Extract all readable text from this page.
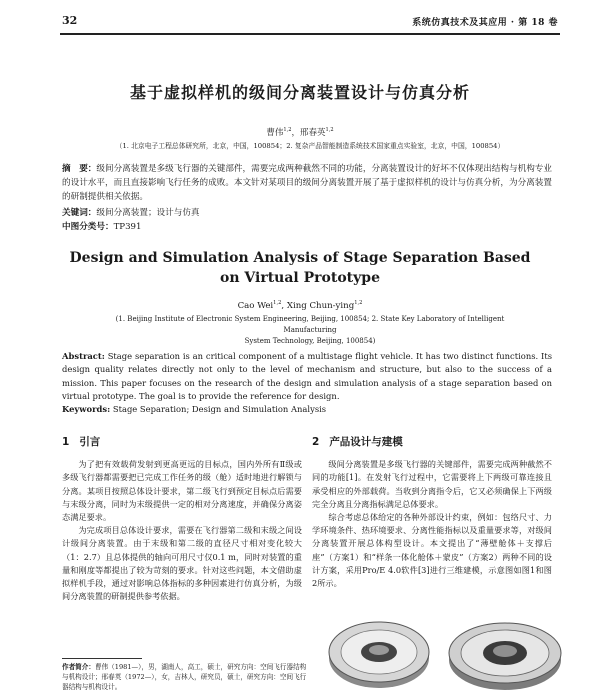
32	系统仿真技术及其应用 · 第 18 卷
基于虚拟样机的级间分离装置设计与仿真分析
曹伟$^{1,2}$，邢春英$^{1,2}$
（1. 北京电子工程总体研究所，北京，中国，100854；2. 复杂产品智能制造系统技术国家重点实验室，北京，中国，100854）
摘　要：级间分离装置是多级飞行器的关键部件，需要完成两种截然不同的功能，分离装置设计的好坏不仅体现出结构与机构专业的设计水平，而且直接影响飞行任务的成败。本文针对某项目的级间分离装置开展了基于虚拟样机的设计与仿真分析，为分离装置的研制提供相关依据。
关键词：级间分离装置；设计与仿真
中图分类号：TP391
Design and Simulation Analysis of Stage Separation Based
on Virtual Prototype
Cao Wei$^{1,2}$, Xing Chun-ying$^{1,2}$
(1. Beijing Institute of Electronic System Engineering, Beijing, 100854; 2. State Key Laboratory of Intelligent Manufacturing
System Technology, Beijing, 100854)
Abstract: Stage separation is an critical component of a multistage flight vehicle. It has two distinct functions. Its design quality relates directly not only to the level of mechanism and structure, but also to the success of a mission. This paper focuses on the research of the design and simulation analysis of a stage separation based on virtual prototype. The goal is to provide the reference for design.
Keywords: Stage Separation; Design and Simulation Analysis
1 引言

为了把有效载荷发射到更高更远的目标点，国内外所有Ⅱ级或多级飞行器都需要把已完成工作任务的级（舱）适时地进行解锁与分离。某项目按照总体设计要求，第二级飞行到预定目标点后需要与末级分离，同时为末级提供一定的相对分离速度，并确保分离姿态满足要求。

为完成项目总体设计要求，需要在飞行器第二级和末级之间设计级间分离装置。由于末级和第二级的直径尺寸相对变化较大（1：2.7）且总体提供的轴向可用尺寸仅0.1 m，同时对装置的重量和刚度等都提出了较为苛刻的要求。针对这些问题，本文借助虚拟样机手段，通过对影响总体指标的多种因素进行仿真分析，为级间分离装置的研制提供参考依据。

2 产品设计与建模

级间分离装置是多级飞行器的关键部件，需要完成两种截然不同的功能[1]。在发射飞行过程中，它需要将上下两级可靠连接且承受相应的外部载荷。当收到分离指令后，它又必须确保上下两级完全分离且分离指标满足总体要求。

综合考虑总体给定的各种外部设计约束，例如：包络尺寸、力学环境条件、热环境要求、分离性能指标以及重量要求等，对级间分离装置开展总体构型设计。本文提出了“薄壁舱体＋支撑后座”（方案1）和“样条一体化舱体＋蒙皮”（方案2）两种不同的设计方案，采用Pro/E 4.0软件[3]进行三维建模，示意图如图1和图2所示。

作者简介：曹伟（1981—），男，湖南人，高工，硕士，研究方向：空间飞行器结构与机构设计；邢春英（1972—），女，吉林人，研究员，硕士，研究方向：空间飞行器结构与机构设计。
